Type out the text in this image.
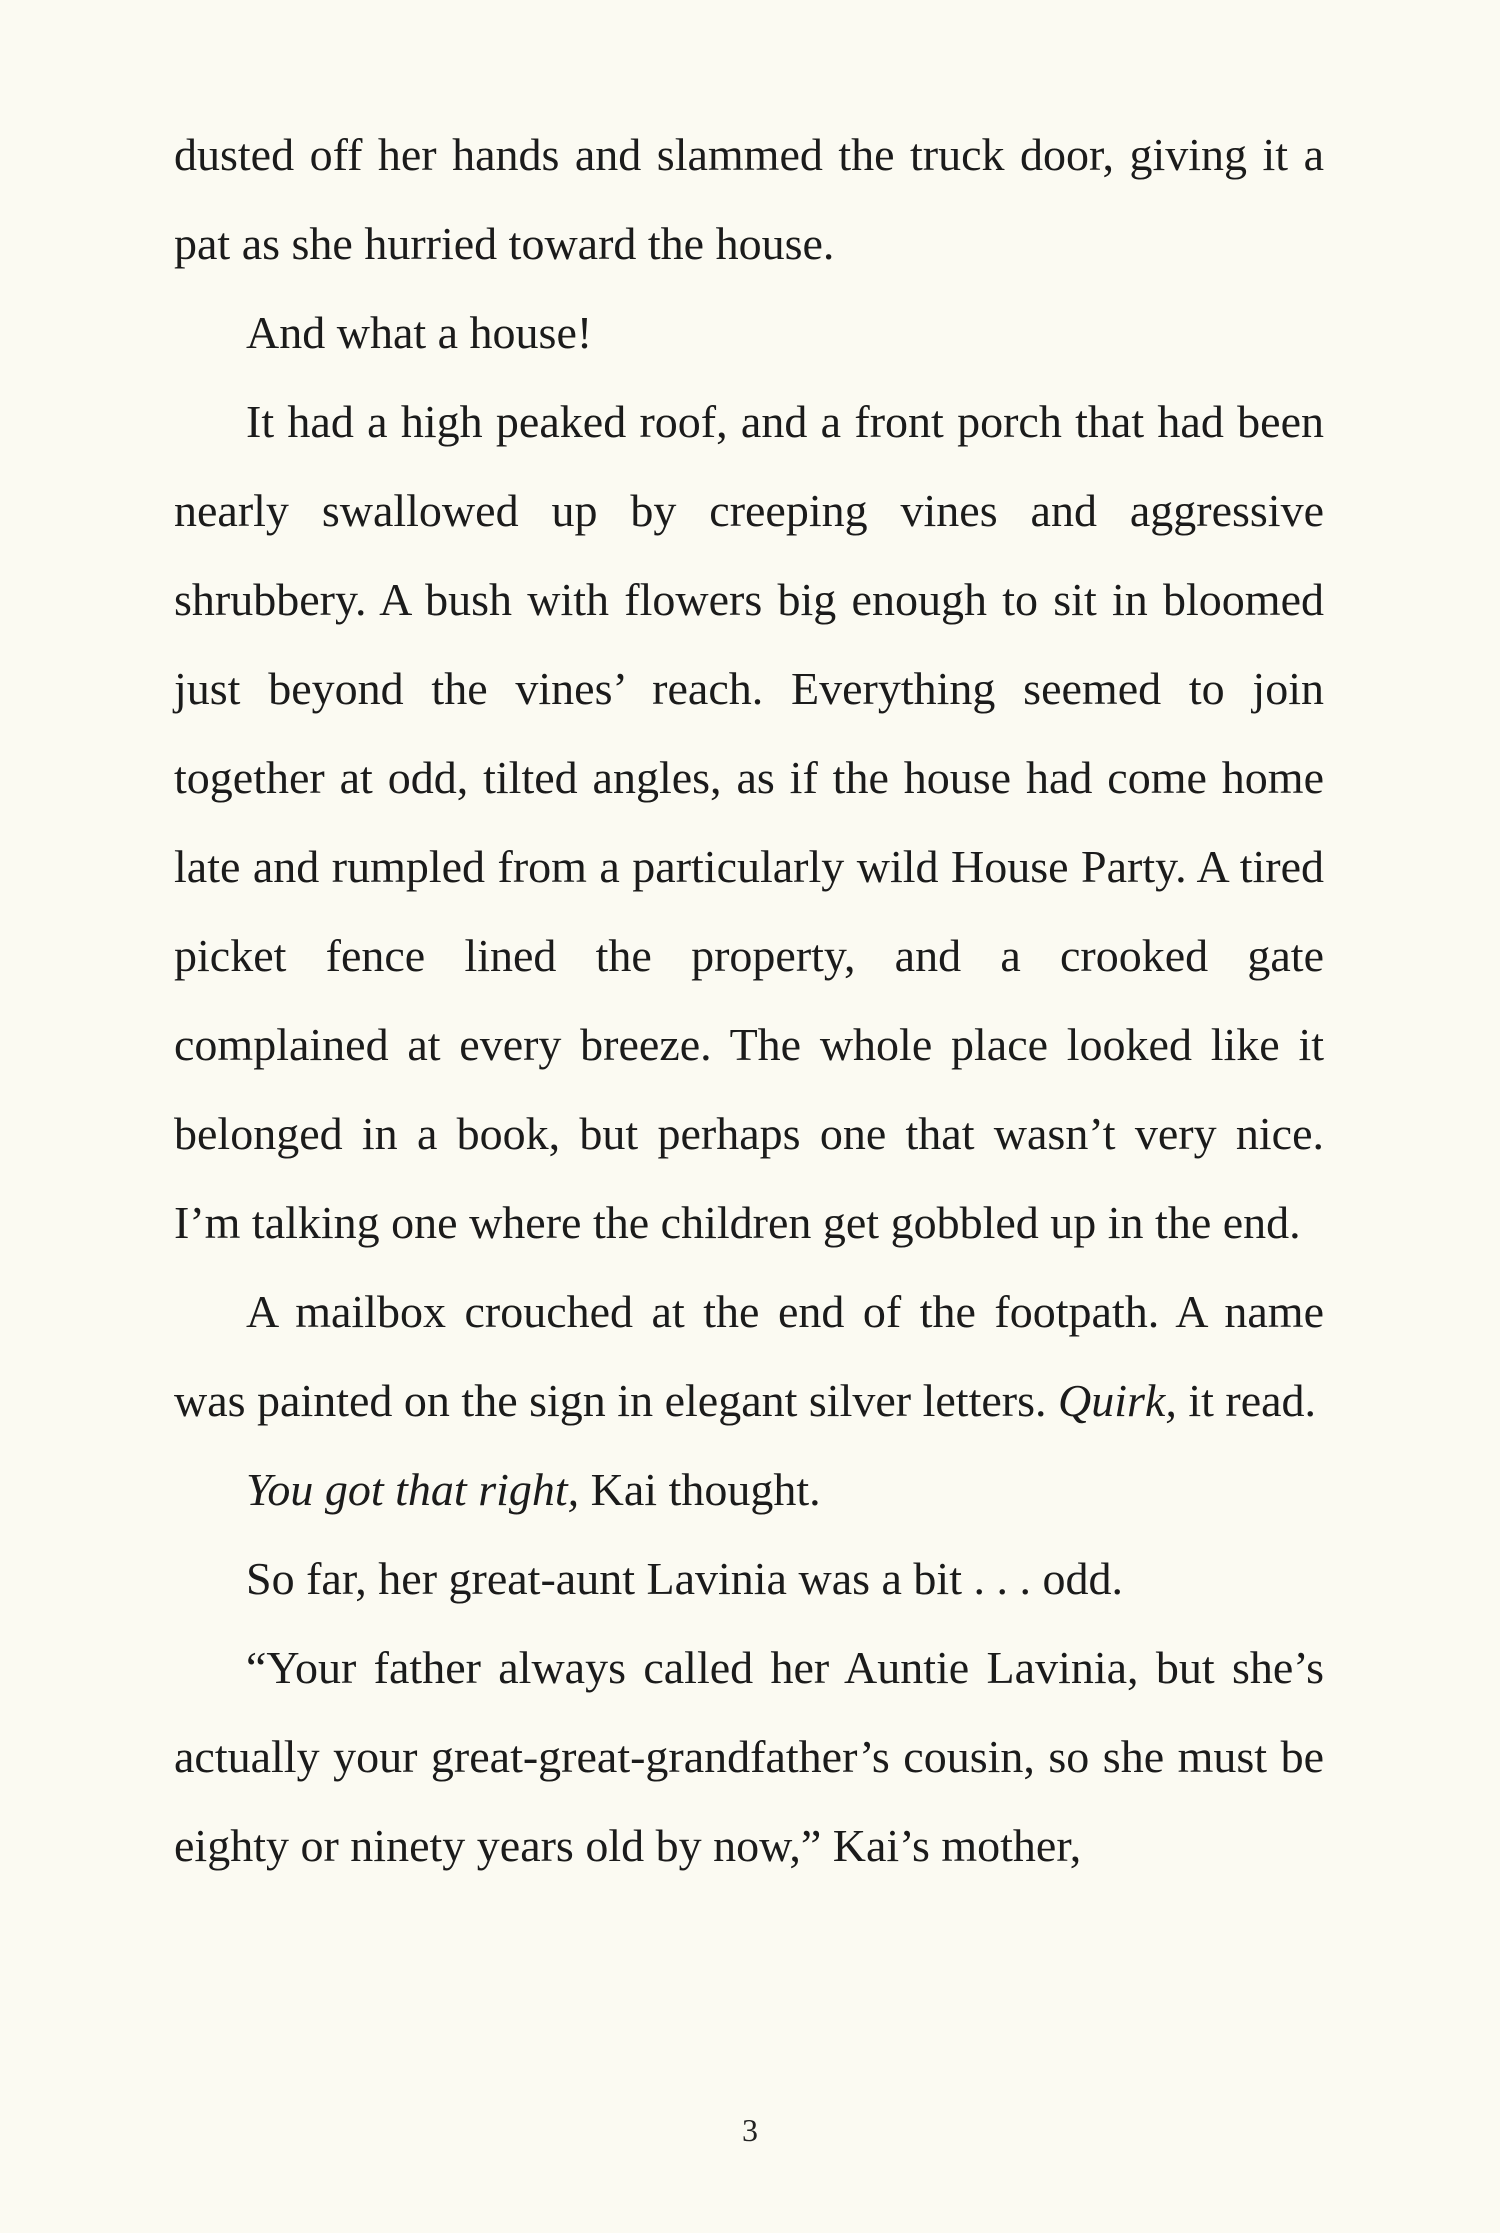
dusted off her hands and slammed the truck door, giving it a pat as she hurried toward the house.

And what a house!

It had a high peaked roof, and a front porch that had been nearly swallowed up by creeping vines and aggressive shrubbery. A bush with flowers big enough to sit in bloomed just beyond the vines’ reach. Everything seemed to join together at odd, tilted angles, as if the house had come home late and rumpled from a particularly wild House Party. A tired picket fence lined the property, and a crooked gate complained at every breeze. The whole place looked like it belonged in a book, but perhaps one that wasn’t very nice. I’m talking one where the children get gobbled up in the end.

A mailbox crouched at the end of the footpath. A name was painted on the sign in elegant silver letters. Quirk, it read.

You got that right, Kai thought.

So far, her great-aunt Lavinia was a bit . . . odd.

“Your father always called her Auntie Lavinia, but she’s actually your great-great-grandfather’s cousin, so she must be eighty or ninety years old by now,” Kai’s mother,

3
